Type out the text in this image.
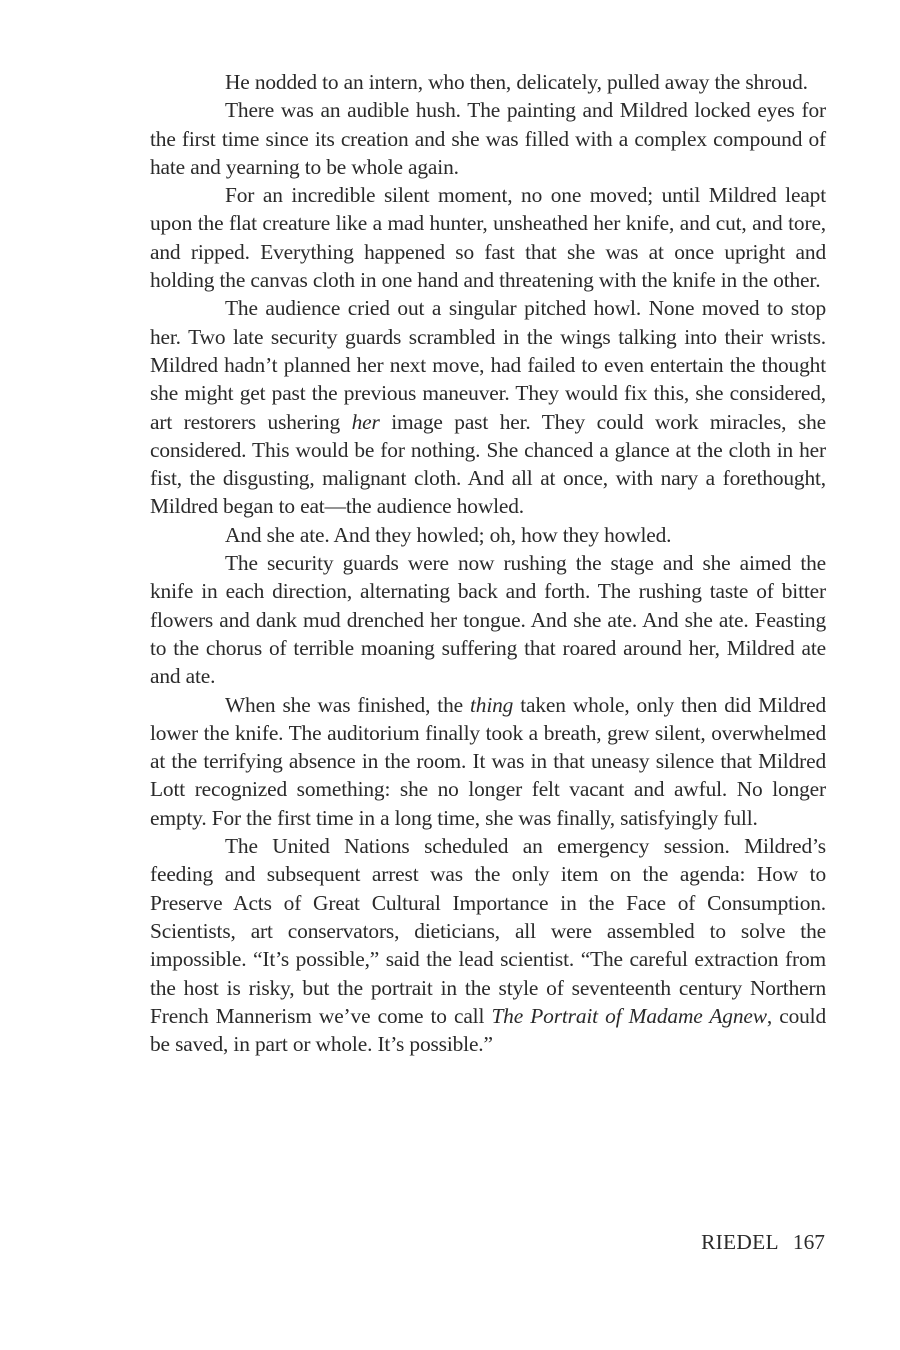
He nodded to an intern, who then, delicately, pulled away the shroud.

There was an audible hush. The painting and Mildred locked eyes for the first time since its creation and she was filled with a complex compound of hate and yearning to be whole again.

For an incredible silent moment, no one moved; until Mildred leapt upon the flat creature like a mad hunter, unsheathed her knife, and cut, and tore, and ripped. Everything happened so fast that she was at once upright and holding the canvas cloth in one hand and threatening with the knife in the other.

The audience cried out a singular pitched howl. None moved to stop her. Two late security guards scrambled in the wings talking into their wrists. Mildred hadn’t planned her next move, had failed to even entertain the thought she might get past the previous maneuver. They would fix this, she considered, art restorers ushering her image past her. They could work miracles, she considered. This would be for nothing. She chanced a glance at the cloth in her fist, the disgusting, malignant cloth. And all at once, with nary a forethought, Mildred began to eat—the audience howled.

And she ate. And they howled; oh, how they howled.

The security guards were now rushing the stage and she aimed the knife in each direction, alternating back and forth. The rushing taste of bitter flowers and dank mud drenched her tongue. And she ate. And she ate. Feasting to the chorus of terrible moaning suffering that roared around her, Mildred ate and ate.

When she was finished, the thing taken whole, only then did Mildred lower the knife. The auditorium finally took a breath, grew silent, overwhelmed at the terrifying absence in the room. It was in that uneasy silence that Mildred Lott recognized something: she no longer felt vacant and awful. No longer empty. For the first time in a long time, she was finally, satisfyingly full.

The United Nations scheduled an emergency session. Mildred’s feeding and subsequent arrest was the only item on the agenda: How to Preserve Acts of Great Cultural Importance in the Face of Consumption. Scientists, art conservators, dieticians, all were assembled to solve the impossible. “It’s possible,” said the lead scientist. “The careful extraction from the host is risky, but the portrait in the style of seventeenth century Northern French Mannerism we’ve come to call The Portrait of Madame Agnew, could be saved, in part or whole. It’s possible.”

RIEDEL 167
